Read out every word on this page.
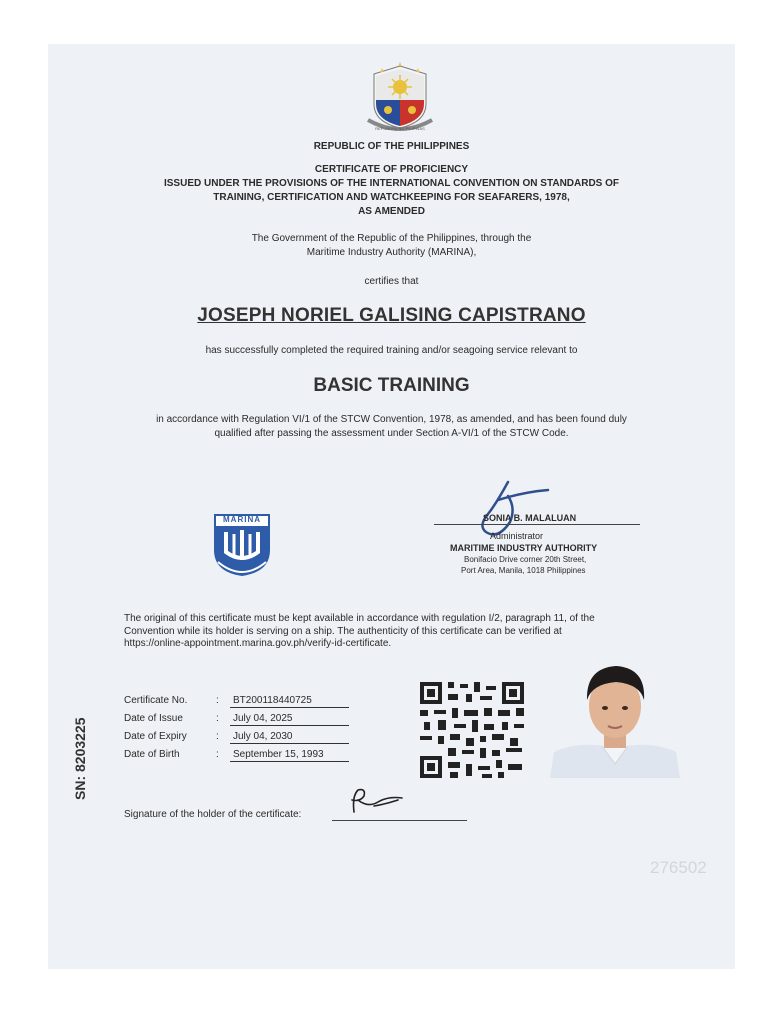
REPUBLIKA NG PILIPINAS
REPUBLIC OF THE PHILIPPINES
CERTIFICATE OF PROFICIENCY
ISSUED UNDER THE PROVISIONS OF THE INTERNATIONAL CONVENTION ON STANDARDS OF
TRAINING, CERTIFICATION AND WATCHKEEPING FOR SEAFARERS, 1978,
AS AMENDED
The Government of the Republic of the Philippines, through the
Maritime Industry Authority (MARINA),
certifies that
JOSEPH NORIEL GALISING CAPISTRANO
has successfully completed the required training and/or seagoing service relevant to
BASIC TRAINING
in accordance with Regulation VI/1 of the STCW Convention, 1978, as amended, and has been found duly
qualified after passing the assessment under Section A-VI/1 of the STCW Code.
MARINA	SONIA B. MALALUAN
Administrator
MARITIME INDUSTRY AUTHORITY
Bonifacio Drive corner 20th Street,
Port Area, Manila, 1018 Philippines
The original of this certificate must be kept available in accordance with regulation I/2, paragraph 11, of the
Convention while its holder is serving on a ship. The authenticity of this certificate can be verified at
https://online-appointment.marina.gov.ph/verify-id-certificate.
Certificate No.	:	BT200118440725
Date of Issue	:	July 04, 2025
Date of Expiry	:	July 04, 2030
Date of Birth	:	September 15, 1993
Signature of the holder of the certificate:
SN: 8203225
276502
